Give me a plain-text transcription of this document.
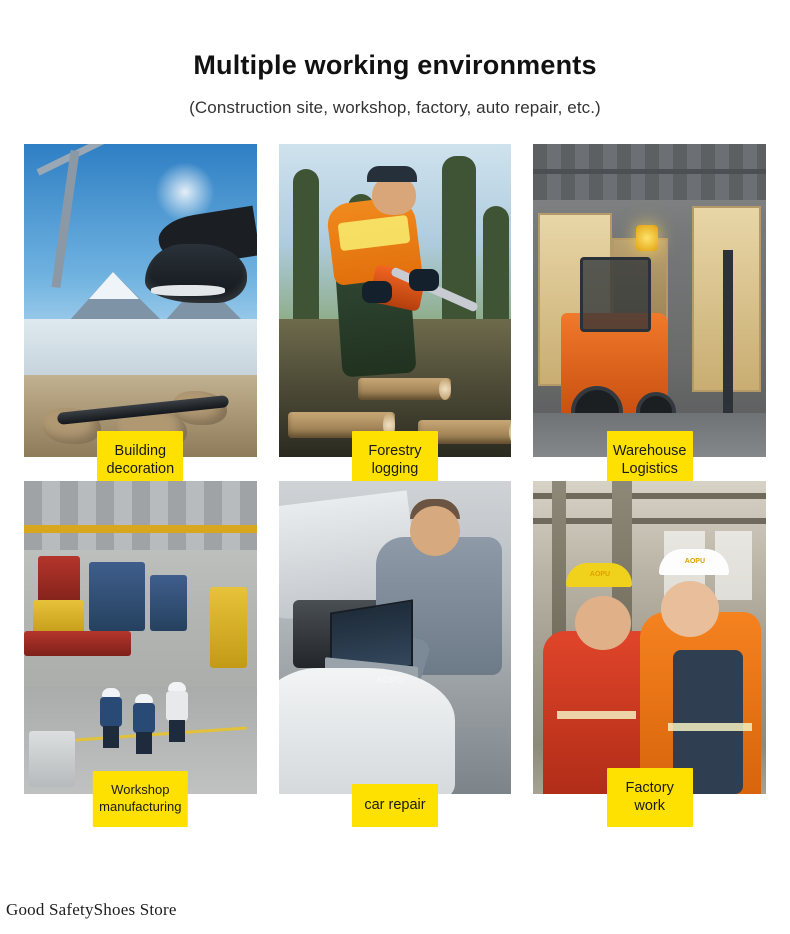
Multiple working environments
(Construction site, workshop, factory, auto repair, etc.)
Building
decoration
Forestry
logging
Warehouse
Logistics
Workshop
manufacturing
AOPU
car repair
AOPU
AOPU
Factory
work
Good SafetyShoes Store
